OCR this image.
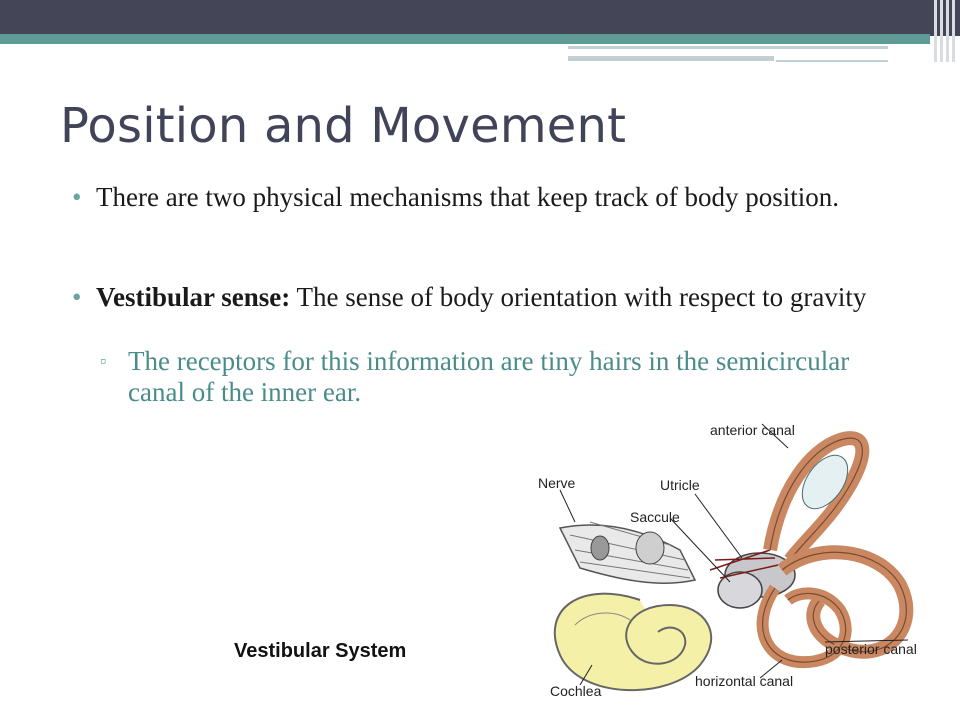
Position and Movement
• There are two physical mechanisms that keep track of body position.
• Vestibular sense: The sense of body orientation with respect to gravity
▫ The receptors for this information are tiny hairs in the semicircular canal of the inner ear.
Vestibular System
anterior canal
Nerve	Utricle
Saccule
posterior canal
horizontal canal
Cochlea
